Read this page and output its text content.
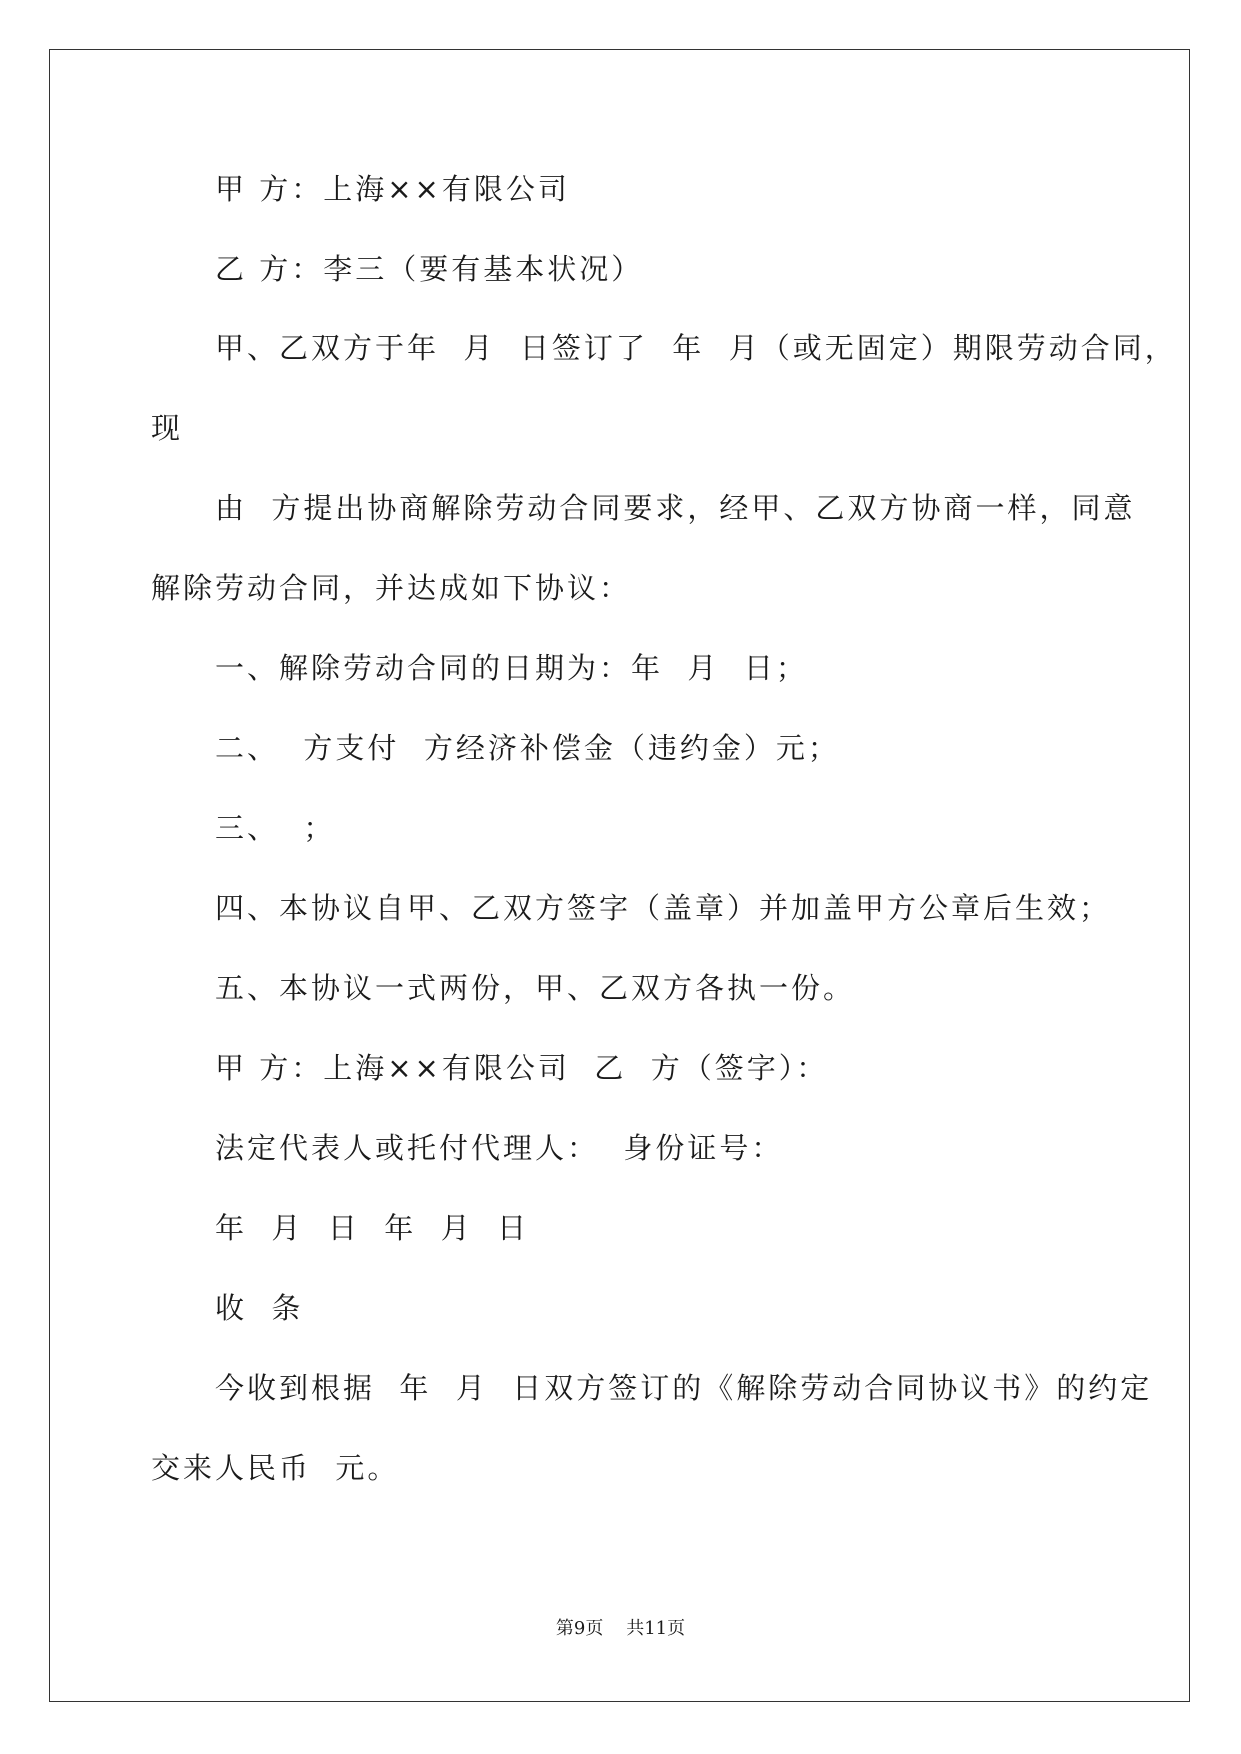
甲 方：上海××有限公司
乙 方：李三（要有基本状况）
甲、乙双方于年  月  日签订了  年  月（或无固定）期限劳动合同，
现
由  方提出协商解除劳动合同要求，经甲、乙双方协商一样，同意
解除劳动合同，并达成如下协议：
一、解除劳动合同的日期为：年  月  日；
二、  方支付  方经济补偿金（违约金）元；
三、  ；
四、本协议自甲、乙双方签字（盖章）并加盖甲方公章后生效；
五、本协议一式两份，甲、乙双方各执一份。
甲 方：上海××有限公司  乙  方（签字）：
法定代表人或托付代理人：  身份证号：
年  月  日  年  月  日
收  条
今收到根据  年  月  日双方签订的《解除劳动合同协议书》的约定
交来人民币  元。
第9页 共11页
